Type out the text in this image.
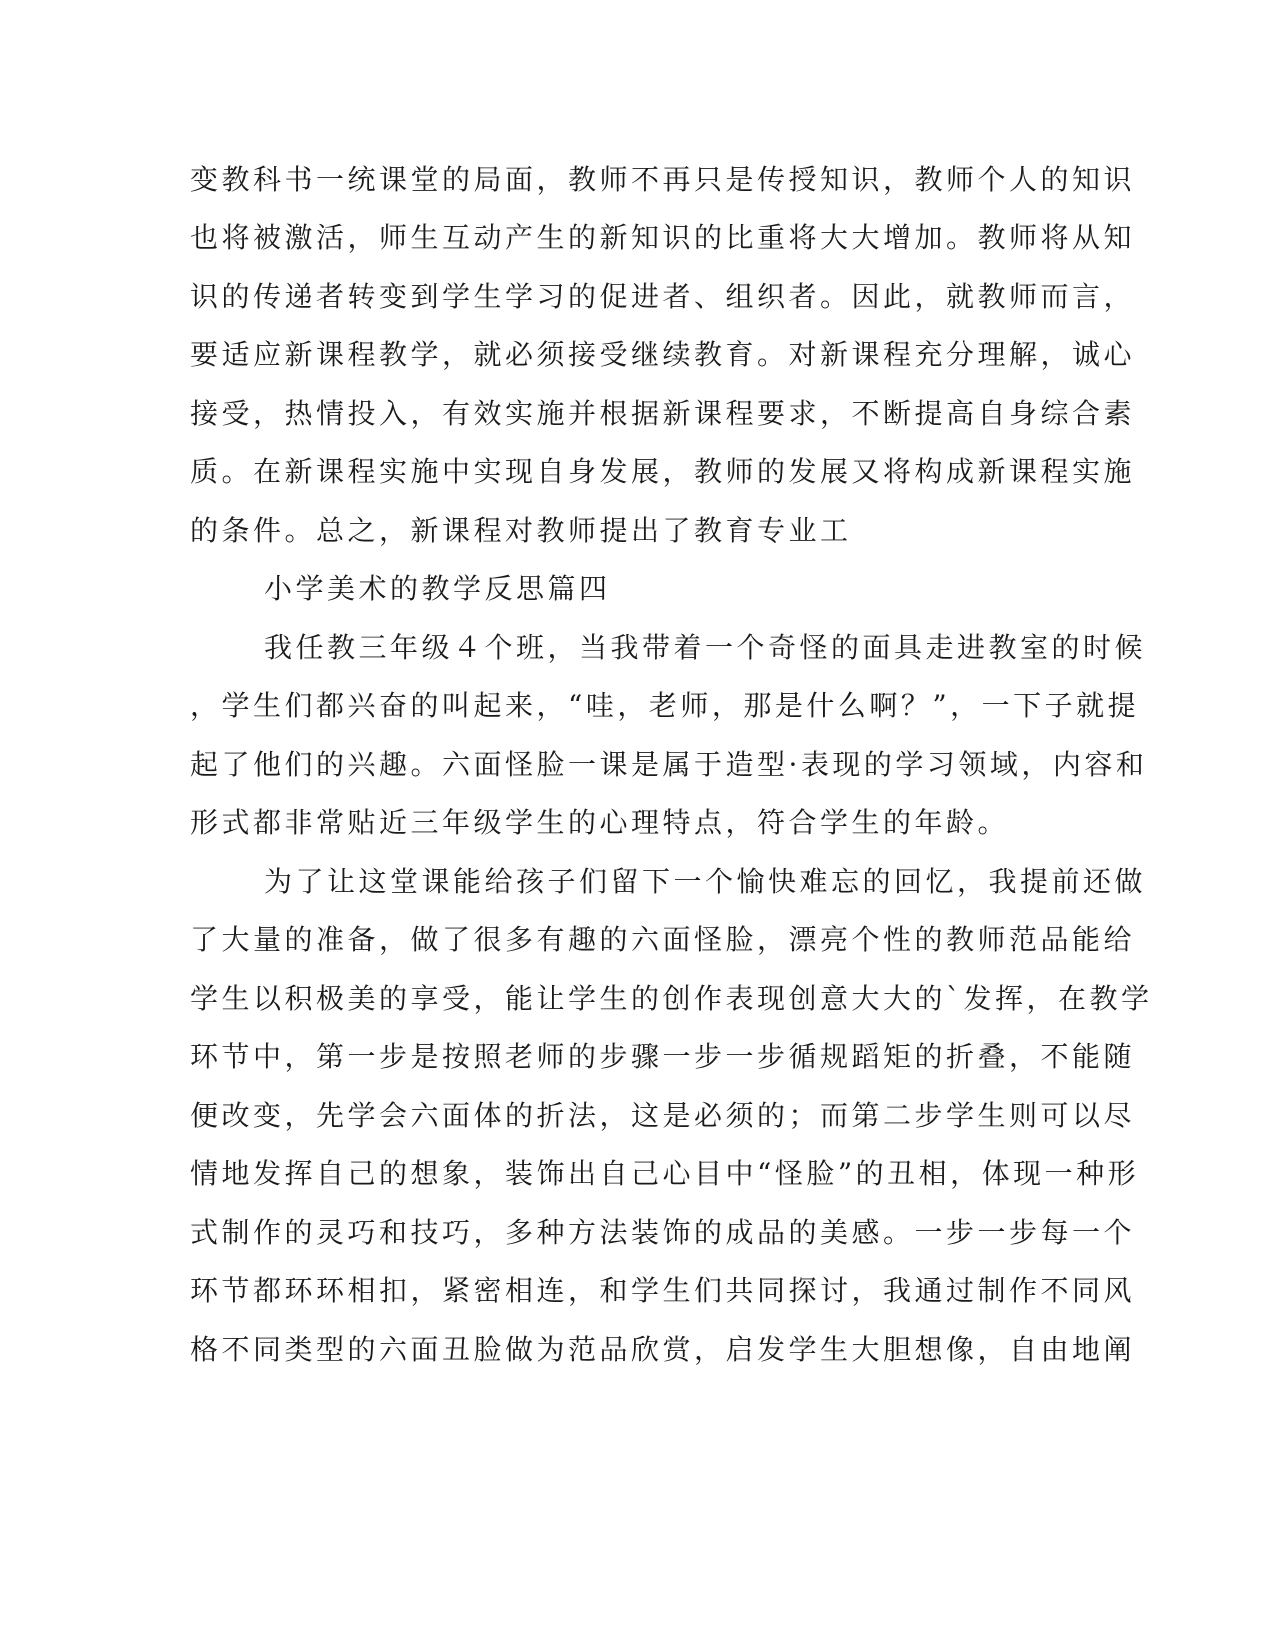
变教科书一统课堂的局面，教师不再只是传授知识，教师个人的知识
也将被激活，师生互动产生的新知识的比重将大大增加。教师将从知
识的传递者转变到学生学习的促进者、组织者。因此，就教师而言，
要适应新课程教学，就必须接受继续教育。对新课程充分理解，诚心
接受，热情投入，有效实施并根据新课程要求，不断提高自身综合素
质。在新课程实施中实现自身发展，教师的发展又将构成新课程实施
的条件。总之，新课程对教师提出了教育专业工
小学美术的教学反思篇四
我任教三年级４个班，当我带着一个奇怪的面具走进教室的时候
，学生们都兴奋的叫起来，“哇，老师，那是什么啊？”，一下子就提
起了他们的兴趣。六面怪脸一课是属于造型·表现的学习领域，内容和
形式都非常贴近三年级学生的心理特点，符合学生的年龄。
为了让这堂课能给孩子们留下一个愉快难忘的回忆，我提前还做
了大量的准备，做了很多有趣的六面怪脸，漂亮个性的教师范品能给
学生以积极美的享受，能让学生的创作表现创意大大的`发挥，在教学
环节中，第一步是按照老师的步骤一步一步循规蹈矩的折叠，不能随
便改变，先学会六面体的折法，这是必须的；而第二步学生则可以尽
情地发挥自己的想象，装饰出自己心目中“怪脸”的丑相，体现一种形
式制作的灵巧和技巧，多种方法装饰的成品的美感。一步一步每一个
环节都环环相扣，紧密相连，和学生们共同探讨，我通过制作不同风
格不同类型的六面丑脸做为范品欣赏，启发学生大胆想像，自由地阐
